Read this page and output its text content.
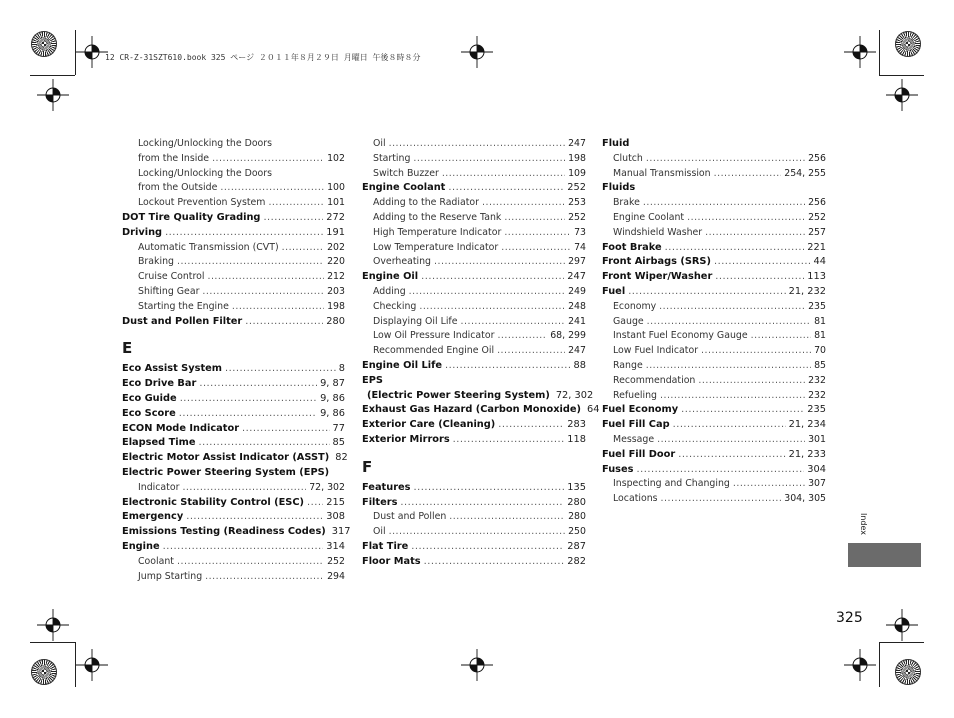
12 CR-Z-31SZT610.book 325 ページ ２０１１年８月２９日 月曜日 午後８時８分
Locking/Unlocking the Doors
from the Inside .....	102
Locking/Unlocking the Doors
from the Outside .....	100
Lockout Prevention System .....	101
DOT Tire Quality Grading .....	272
Driving .....	191
Automatic Transmission (CVT) .....	202
Braking .....	220
Cruise Control .....	212
Shifting Gear .....	203
Starting the Engine .....	198
Dust and Pollen Filter .....	280
E
Eco Assist System .....	8
Eco Drive Bar .....	9, 87
Eco Guide .....	9, 86
Eco Score .....	9, 86
ECON Mode Indicator .....	77
Elapsed Time .....	85
Electric Motor Assist Indicator (ASST) 82
Electric Power Steering System (EPS)
Indicator .....	72, 302
Electronic Stability Control (ESC) ..... 215
Emergency .....	308
Emissions Testing (Readiness Codes) 317
Engine .....	314
Coolant .....	252
Jump Starting .....	294
Oil .....	247
Starting .....	198
Switch Buzzer .....	109
Engine Coolant .....	252
Adding to the Radiator .....	253
Adding to the Reserve Tank .....	252
High Temperature Indicator .....	73
Low Temperature Indicator .....	74
Overheating .....	297
Engine Oil .....	247
Adding .....	249
Checking .....	248
Displaying Oil Life .....	241
Low Oil Pressure Indicator .....	68, 299
Recommended Engine Oil .....	247
Engine Oil Life .....	88
EPS
(Electric Power Steering System) 72, 302
Exhaust Gas Hazard (Carbon Monoxide) 64
Exterior Care (Cleaning) .....	283
Exterior Mirrors .....	118
F
Features .....	135
Filters .....	280
Dust and Pollen .....	280
Oil .....	250
Flat Tire .....	287
Floor Mats .....	282
Fluid
Clutch .....	256
Manual Transmission .....	254, 255
Fluids
Brake .....	256
Engine Coolant .....	252
Windshield Washer .....	257
Foot Brake .....	221
Front Airbags (SRS) .....	44
Front Wiper/Washer .....	113
Fuel .....	21, 232
Economy .....	235
Gauge .....	81
Instant Fuel Economy Gauge .....	81
Low Fuel Indicator .....	70
Range .....	85
Recommendation .....	232
Refueling .....	232
Fuel Economy .....	235
Fuel Fill Cap .....	21, 234
Message .....	301
Fuel Fill Door .....	21, 233
Fuses .....	304
Inspecting and Changing .....	307
Locations .....	304, 305
Index
325
